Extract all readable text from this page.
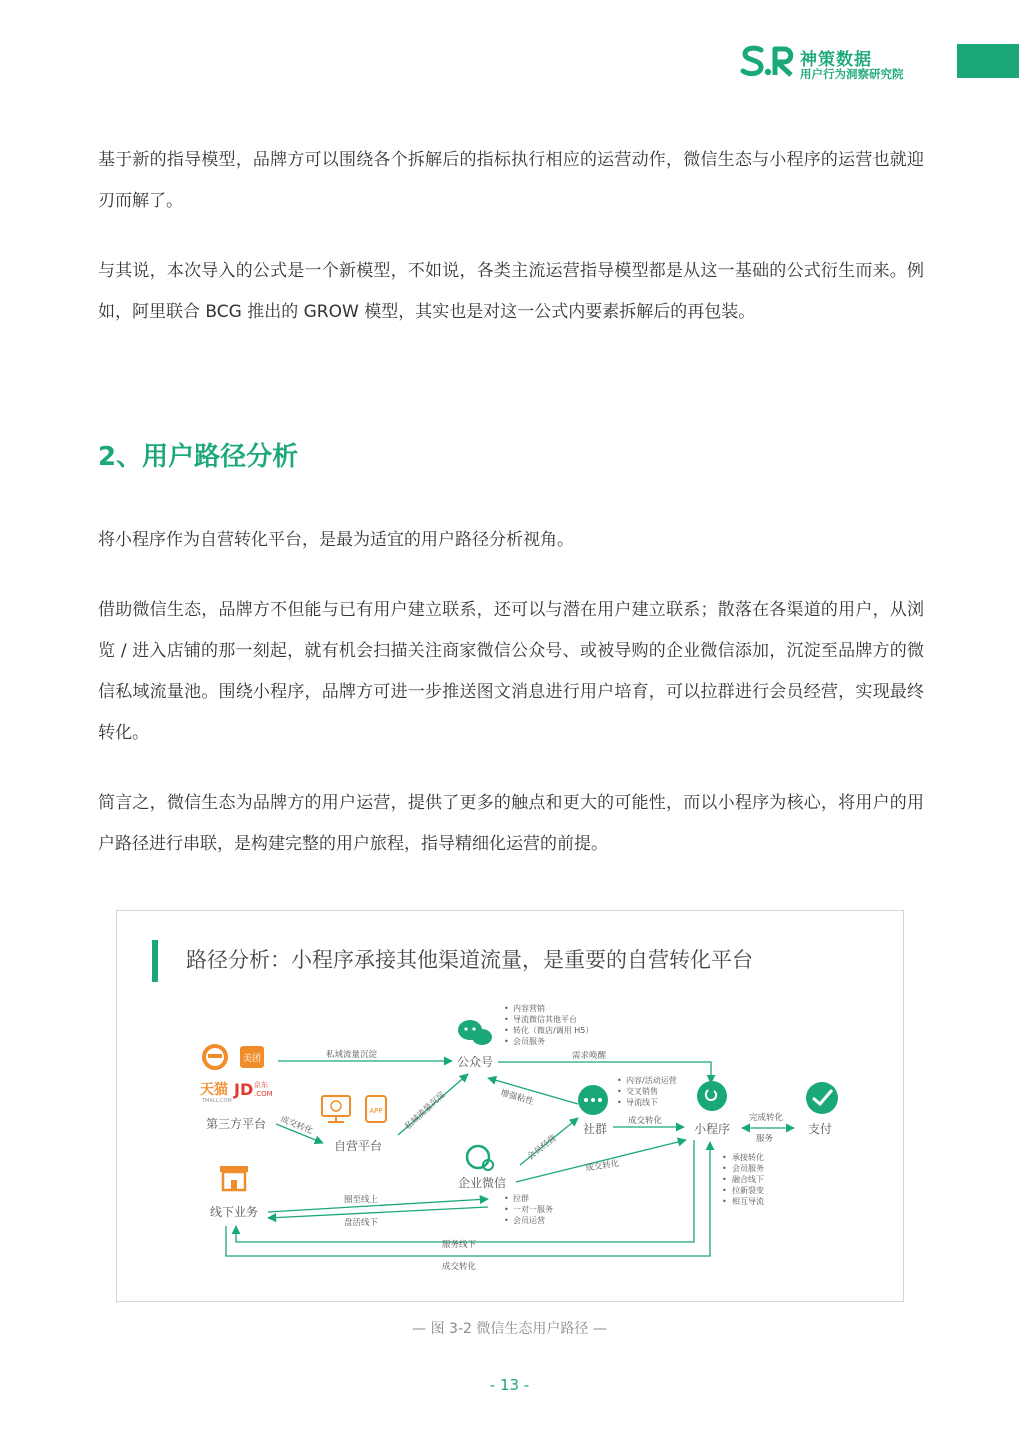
神策数据
用户行为洞察研究院

基于新的指导模型，品牌方可以围绕各个拆解后的指标执行相应的运营动作，微信生态与小程序的运营也就迎刃而解了。

与其说，本次导入的公式是一个新模型，不如说，各类主流运营指导模型都是从这一基础的公式衍生而来。例如，阿里联合 BCG 推出的 GROW 模型，其实也是对这一公式内要素拆解后的再包装。

2、用户路径分析

将小程序作为自营转化平台，是最为适宜的用户路径分析视角。

借助微信生态，品牌方不但能与已有用户建立联系，还可以与潜在用户建立联系；散落在各渠道的用户，从浏览 / 进入店铺的那一刻起，就有机会扫描关注商家微信公众号、或被导购的企业微信添加，沉淀至品牌方的微信私域流量池。围绕小程序，品牌方可进一步推送图文消息进行用户培育，可以拉群进行会员经营，实现最终转化。

简言之，微信生态为品牌方的用户运营，提供了更多的触点和更大的可能性，而以小程序为核心，将用户的用户路径进行串联，是构建完整的用户旅程，指导精细化运营的前提。

路径分析：小程序承接其他渠道流量，是重要的自营转化平台
美团
天猫
TMALL.COM
JD 京东
.COM
第三方平台
APP
自营平台
公众号
社群
企业微信
小程序	支付
线下业务
私域流量沉淀	需求唤醒
私域流量沉淀	增强粘性
成交转化
会员经营
成交转化
成交转化
完成转化
服务
圈至线上
盘活线下
服务线下
成交转化
• 内容营销
• 导流微信其他平台
• 转化（微店/调用 H5）
• 会员服务
• 内容/活动运营
• 交叉销售
• 导流线下
• 拉群
• 一对一服务
• 会员运营
• 承接转化
• 会员服务
• 融合线下
• 拉新裂变
• 相互导流
— 图 3-2 微信生态用户路径 —
- 13 -
